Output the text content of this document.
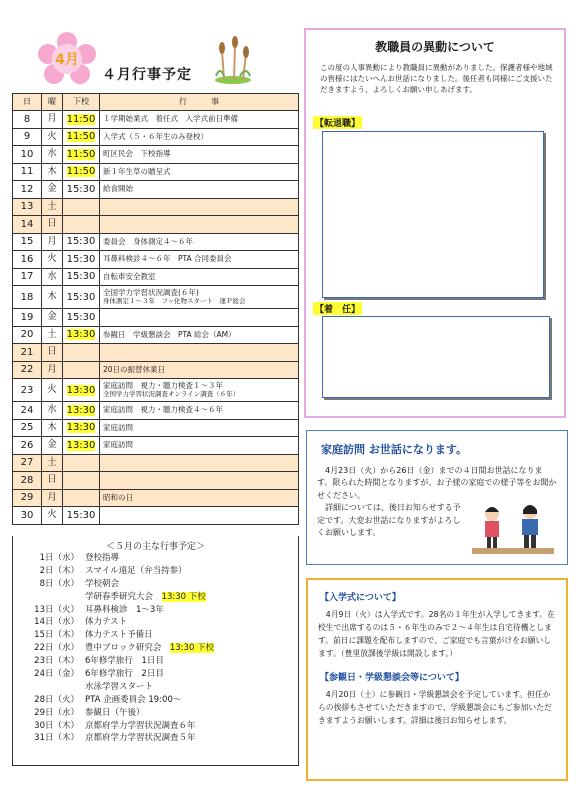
4月
４月行事予定
日	曜	下校	行　　　事
8	月	11:50	１学期始業式　着任式　入学式前日準備
9	火	11:50	入学式（５・６年生のみ登校）
10	水	11:50	町区民会　下校指導
11	木	11:50	新１年生草の贈呈式
12	金	15:30	給食開始
13	土		
14	日		
15	月	15:30	委員会　身体測定４～６年
16	火	15:30	耳鼻科検診４～６年　PTA 合同委員会
17	水	15:30	自転車安全教室
18	木	15:30	全国学力学習状況調査(６年)
身体測定１～３年　フッ化物スタート　運Ｐ総会

19	金	15:30	
20	土	13:30	参観日　学級懇談会　PTA 総会（AM）
21	日		
22	月		20日の振替休業日
23	火	13:30	家庭訪問　視力・聴力検査１～３年
全国学力学習状況調査オンライン調査（６年）

24	水	13:30	家庭訪問　視力・聴力検査４～６年
25	木	13:30	家庭訪問
26	金	13:30	家庭訪問
27	土		
28	日		
29	月		昭和の日
30	火	15:30	
＜５月の主な行事予定＞
1日（水） 登校指導
2日（木） スマイル遠足（弁当持参）
8日（水） 学校朝会
学研春季研究大会　 13:30 下校
13日（火） 耳鼻科検診　1～3年
14日（水） 体力テスト
15日（木） 体力テスト予備日
22日（水） 豊中ブロック研究会　 13:30 下校
23日（木） 6年修学旅行　1日目
24日（金） 6年修学旅行　2日目
水泳学習スタート
28日（火） PTA 企画委員会 19:00～
29日（水） 参観日（午後）
30日（木） 京都府学力学習状況調査６年
31日（木） 京都府学力学習状況調査５年
教職員の異動について
この度の人事異動により教職員に異動がありました。保護者様や地域の皆様にはたいへんお世話になりました。後任者も同様にご支援いただきますよう、よろしくお願い申しあげます。
【転退職】
【着　任】
家庭訪問 お世話になります。
4月23日（火）から26日（金）までの４日間お世話になります。限られた時間となりますが、お子様の家庭での様子等をお聞かせください。
詳細については、後日お知らせする予定です。大変お世話になりますがよろしくお願いします。
【入学式について】
4月9日（火）は入学式です。28名の１年生が入学してきます。在校生で出席するのは５・６年生のみで２～４年生は自宅待機とします。前日に課題を配布しますので、ご家庭でも言葉がけをお願いします。（豊里放課後学級は開設します。）
【参観日・学級懇談会等について】
4月20日（土）に参観日・学級懇談会を予定しています。担任からの挨拶もさせていただきますので、学級懇談会にもご参加いただきますようお願いします。詳細は後日お知らせします。
